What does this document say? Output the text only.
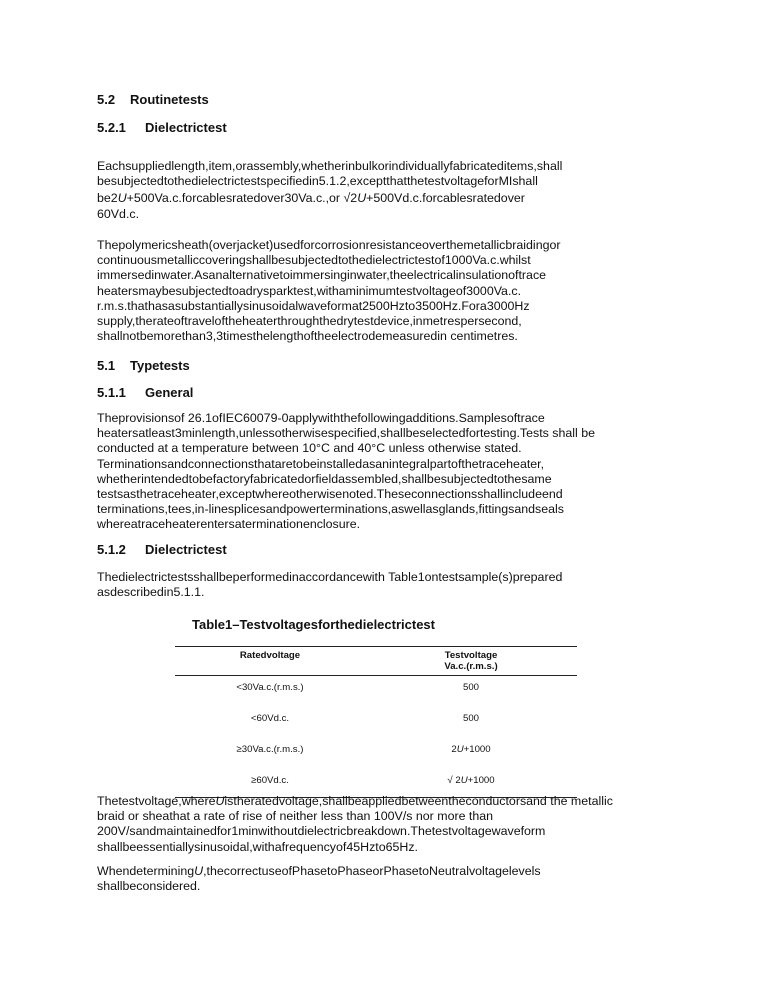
5.2 Routinetests
5.2.1 Dielectrictest
Eachsuppliedlength,item,orassembly,whetherinbulkorindividuallyfabricateditems,shall
besubjectedtothedielectrictestspecifiedin5.1.2,exceptthatthetestvoltageforMIshall
be2U+500Va.c.forcablesratedover30Va.c.,or √2U+500Vd.c.forcablesratedover
60Vd.c.
Thepolymericsheath(overjacket)usedforcorrosionresistanceoverthemetallicbraidingor
continuousmetalliccoveringshallbesubjectedtothedielectrictestof1000Va.c.whilst
immersedinwater.Asanalternativetoimmersinginwater,theelectricalinsulationoftrace
heatersmaybesubjectedtoadrysparktest,withaminimumtestvoltageof3000Va.c.
r.m.s.thathasasubstantiallysinusoidalwaveformat2500Hzto3500Hz.Fora3000Hz
supply,therateoftraveloftheheaterthroughthedrytestdevice,inmetrespersecond,
shallnotbemorethan3,3timesthelengthoftheelectrodemeasuredin centimetres.
5.1 Typetests
5.1.1 General
Theprovisionsof 26.1ofIEC60079-0applywiththefollowingadditions.Samplesoftrace
heatersatleast3minlength,unlessotherwisespecified,shallbeselectedfortesting.Tests shall be
conducted at a temperature between 10°C and 40°C unless otherwise stated.
Terminationsandconnectionsthataretobeinstalledasanintegralpartofthetraceheater,
whetherintendedtobefactoryfabricatedorfieldassembled,shallbesubjectedtothesame
testsasthetraceheater,exceptwhereotherwisenoted.Theseconnectionsshallincludeend
terminations,tees,in-linesplicesandpowerterminations,aswellasglands,fittingsandseals
whereatraceheaterentersaterminationenclosure.
5.1.2 Dielectrictest
Thedielectrictestsshallbeperformedinaccordancewith Table1ontestsample(s)prepared
asdescribedin5.1.1.
Table1–Testvoltagesforthedielectrictest
Ratedvoltage	Testvoltage
Va.c.(r.m.s.)

<30Va.c.(r.m.s.)	500
<60Vd.c.	500
≥30Va.c.(r.m.s.)	2U+1000
≥60Vd.c.	√ 2U+1000
Thetestvoltage,whereUistheratedvoltage,shallbeappliedbetweentheconductorsand the metallic
braid or sheathat a rate of rise of neither less than 100V/s nor more than
200V/sandmaintainedfor1minwithoutdielectricbreakdown.Thetestvoltagewaveform
shallbeessentiallysinusoidal,withafrequencyof45Hzto65Hz.
WhendeterminingU,thecorrectuseofPhasetoPhaseorPhasetoNeutralvoltagelevels
shallbeconsidered.
